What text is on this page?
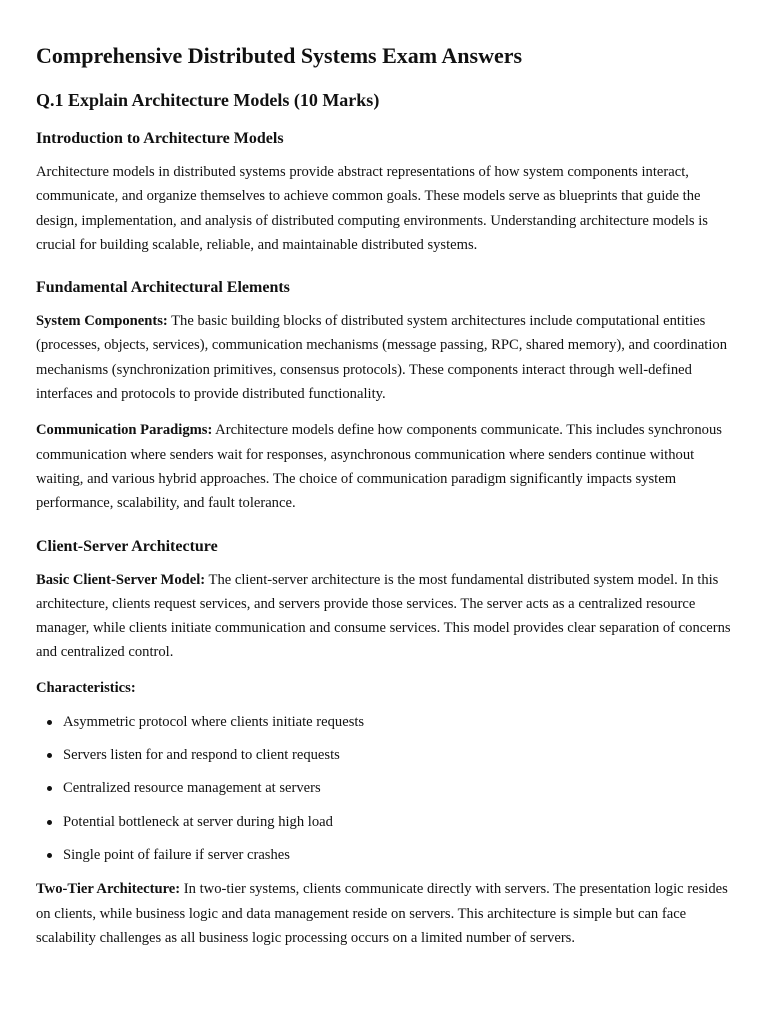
Comprehensive Distributed Systems Exam Answers
Q.1 Explain Architecture Models (10 Marks)
Introduction to Architecture Models

Architecture models in distributed systems provide abstract representations of how system components interact, communicate, and organize themselves to achieve common goals. These models serve as blueprints that guide the design, implementation, and analysis of distributed computing environments. Understanding architecture models is crucial for building scalable, reliable, and maintainable distributed systems.

Fundamental Architectural Elements

System Components: The basic building blocks of distributed system architectures include computational entities (processes, objects, services), communication mechanisms (message passing, RPC, shared memory), and coordination mechanisms (synchronization primitives, consensus protocols). These components interact through well-defined interfaces and protocols to provide distributed functionality.

Communication Paradigms: Architecture models define how components communicate. This includes synchronous communication where senders wait for responses, asynchronous communication where senders continue without waiting, and various hybrid approaches. The choice of communication paradigm significantly impacts system performance, scalability, and fault tolerance.

Client-Server Architecture

Basic Client-Server Model: The client-server architecture is the most fundamental distributed system model. In this architecture, clients request services, and servers provide those services. The server acts as a centralized resource manager, while clients initiate communication and consume services. This model provides clear separation of concerns and centralized control.

Characteristics:
Asymmetric protocol where clients initiate requests
Servers listen for and respond to client requests
Centralized resource management at servers
Potential bottleneck at server during high load
Single point of failure if server crashes

Two-Tier Architecture: In two-tier systems, clients communicate directly with servers. The presentation logic resides on clients, while business logic and data management reside on servers. This architecture is simple but can face scalability challenges as all business logic processing occurs on a limited number of servers.
